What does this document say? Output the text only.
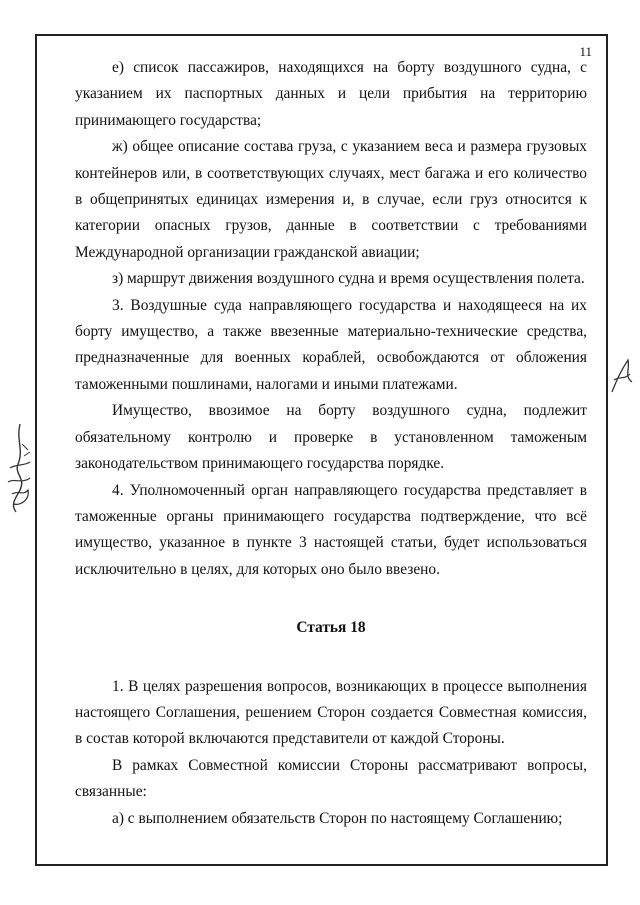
11

е) список пассажиров, находящихся на борту воздушного судна, с указанием их паспортных данных и цели прибытия на территорию принимающего государства;

ж) общее описание состава груза, с указанием веса и размера грузовых контейнеров или, в соответствующих случаях, мест багажа и его количество в общепринятых единицах измерения и, в случае, если груз относится к категории опасных грузов, данные в соответствии с требованиями Международной организации гражданской авиации;

з) маршрут движения воздушного судна и время осуществления полета.

3. Воздушные суда направляющего государства и находящееся на их борту имущество, а также ввезенные материально-технические средства, предназначенные для военных кораблей, освобождаются от обложения таможенными пошлинами, налогами и иными платежами.

Имущество, ввозимое на борту воздушного судна, подлежит обязательному контролю и проверке в установленном таможеным законодательством принимающего государства порядке.

4. Уполномоченный орган направляющего государства представляет в таможенные органы принимающего государства подтверждение, что всё имущество, указанное в пункте 3 настоящей статьи, будет использоваться исключительно в целях, для которых оно было ввезено.

Статья 18

1. В целях разрешения вопросов, возникающих в процессе выполнения настоящего Соглашения, решением Сторон создается Совместная комиссия, в состав которой включаются представители от каждой Стороны.

В рамках Совместной комиссии Стороны рассматривают вопросы, связанные:

а) с выполнением обязательств Сторон по настоящему Соглашению;
